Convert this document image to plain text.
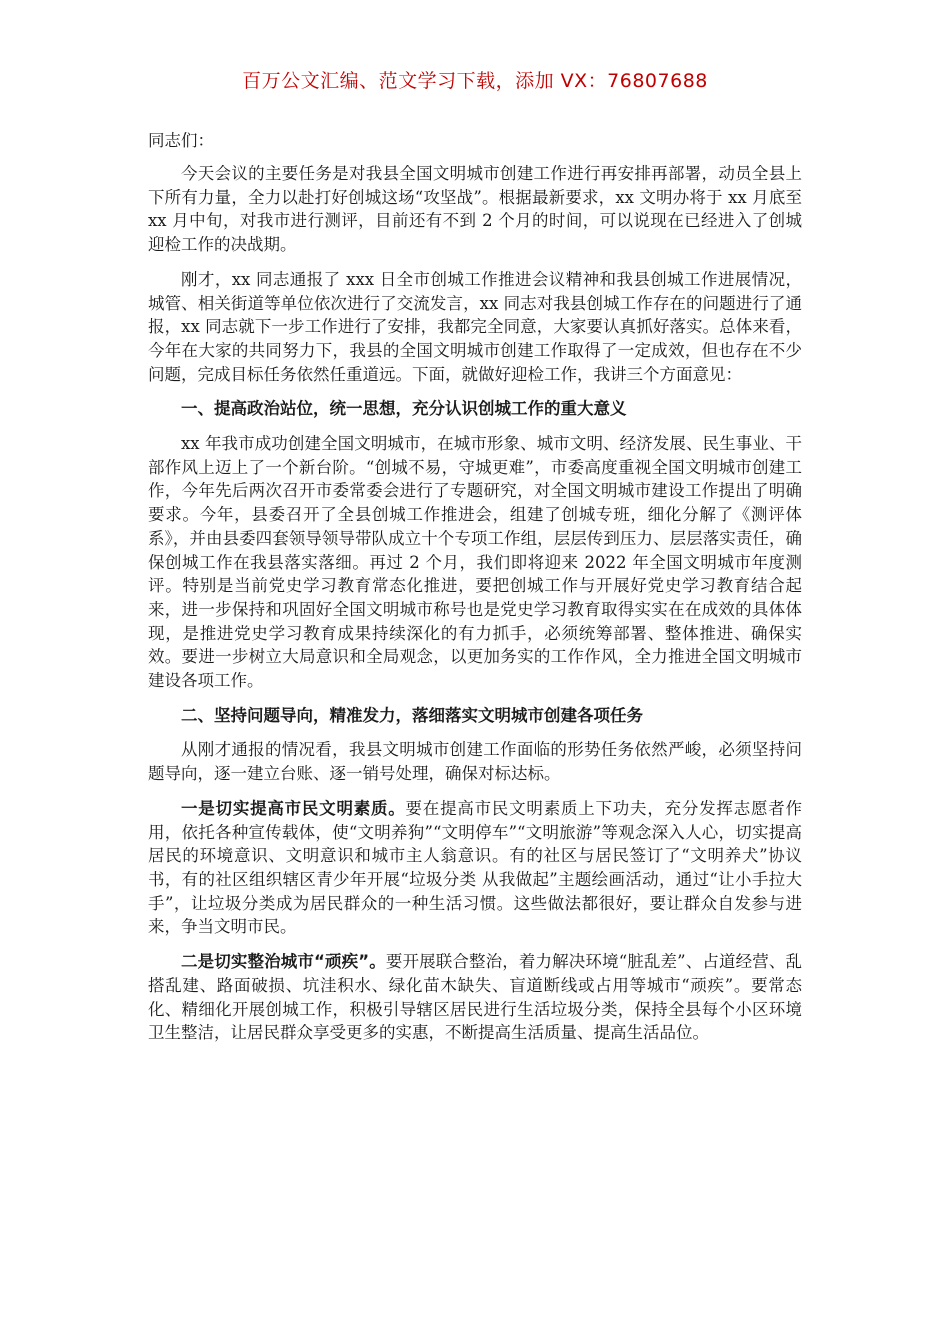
百万公文汇编、范文学习下载，添加 VX：76807688

同志们：

今天会议的主要任务是对我县全国文明城市创建工作进行再安排再部署，动员全县上下所有力量，全力以赴打好创城这场“攻坚战”。根据最新要求，xx 文明办将于 xx 月底至 xx 月中旬，对我市进行测评，目前还有不到 2 个月的时间，可以说现在已经进入了创城迎检工作的决战期。

刚才，xx 同志通报了 xxx 日全市创城工作推进会议精神和我县创城工作进展情况，城管、相关街道等单位依次进行了交流发言，xx 同志对我县创城工作存在的问题进行了通报，xx 同志就下一步工作进行了安排，我都完全同意，大家要认真抓好落实。总体来看，今年在大家的共同努力下，我县的全国文明城市创建工作取得了一定成效，但也存在不少问题，完成目标任务依然任重道远。下面，就做好迎检工作，我讲三个方面意见：

一、提高政治站位，统一思想，充分认识创城工作的重大意义

xx 年我市成功创建全国文明城市，在城市形象、城市文明、经济发展、民生事业、干部作风上迈上了一个新台阶。“创城不易，守城更难”，市委高度重视全国文明城市创建工作，今年先后两次召开市委常委会进行了专题研究，对全国文明城市建设工作提出了明确要求。今年，县委召开了全县创城工作推进会，组建了创城专班，细化分解了《测评体系》，并由县委四套领导领导带队成立十个专项工作组，层层传到压力、层层落实责任，确保创城工作在我县落实落细。再过 2 个月，我们即将迎来 2022 年全国文明城市年度测评。特别是当前党史学习教育常态化推进，要把创城工作与开展好党史学习教育结合起来，进一步保持和巩固好全国文明城市称号也是党史学习教育取得实实在在成效的具体体现，是推进党史学习教育成果持续深化的有力抓手，必须统筹部署、整体推进、确保实效。要进一步树立大局意识和全局观念，以更加务实的工作作风，全力推进全国文明城市建设各项工作。

二、坚持问题导向，精准发力，落细落实文明城市创建各项任务

从刚才通报的情况看，我县文明城市创建工作面临的形势任务依然严峻，必须坚持问题导向，逐一建立台账、逐一销号处理，确保对标达标。

一是切实提高市民文明素质。要在提高市民文明素质上下功夫，充分发挥志愿者作用，依托各种宣传载体，使“文明养狗”“文明停车”“文明旅游”等观念深入人心，切实提高居民的环境意识、文明意识和城市主人翁意识。有的社区与居民签订了“文明养犬”协议书，有的社区组织辖区青少年开展“垃圾分类 从我做起”主题绘画活动，通过“让小手拉大手”，让垃圾分类成为居民群众的一种生活习惯。这些做法都很好，要让群众自发参与进来，争当文明市民。

二是切实整治城市“顽疾”。要开展联合整治，着力解决环境“脏乱差”、占道经营、乱搭乱建、路面破损、坑洼积水、绿化苗木缺失、盲道断线或占用等城市“顽疾”。要常态化、精细化开展创城工作，积极引导辖区居民进行生活垃圾分类，保持全县每个小区环境卫生整洁，让居民群众享受更多的实惠，不断提高生活质量、提高生活品位。
